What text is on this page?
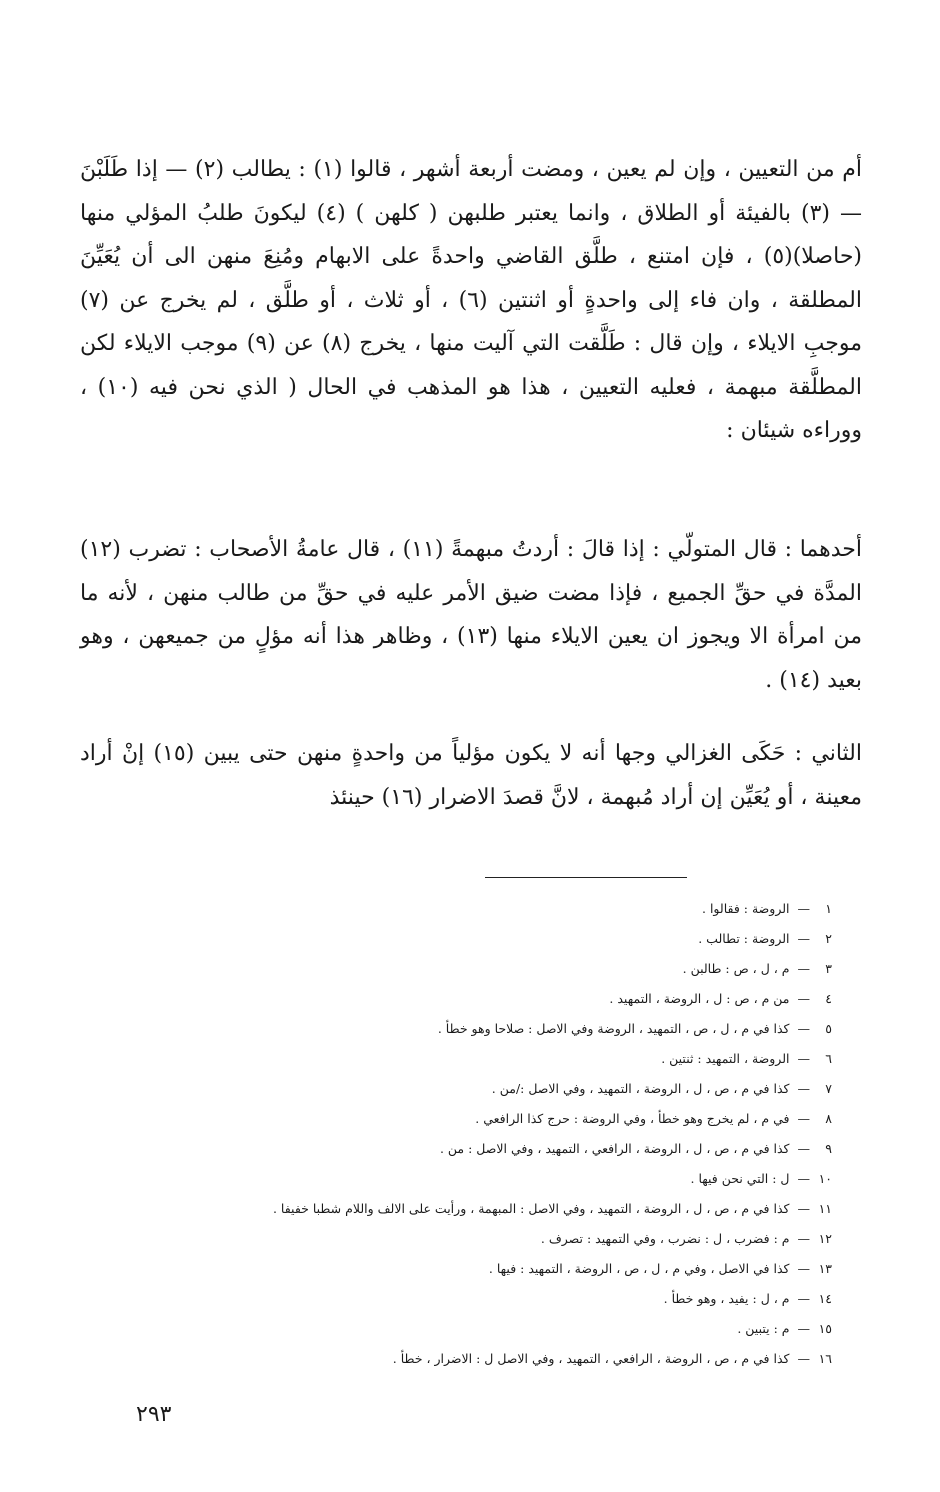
أم من التعيين ، وإن لم يعين ، ومضت أربعة أشهر ، قالوا (١) : يطالب (٢) — إذا طَلَبْنَ — (٣) بالفيئة أو الطلاق ، وانما يعتبر طلبهن ( كلهن ) (٤) ليكونَ طلبُ المؤلي منها (حاصلا)(٥) ، فإن امتنع ، طلَّق القاضي واحدةً على الابهام ومُنِعَ منهن الى أن يُعَيِّنَ المطلقة ، وان فاء إلى واحدةٍ أو اثنتين (٦) ، أو ثلاث ، أو طلَّق ، لم يخرج عن (٧) موجبِ الايلاء ، وإن قال : طَلَّقت التي آليت منها ، يخرج (٨) عن (٩) موجب الايلاء لكن المطلَّقة مبهمة ، فعليه التعيين ، هذا هو المذهب في الحال ( الذي نحن فيه (١٠) ، ووراءه شيئان :

أحدهما : قال المتولّي : إذا قالَ : أردتُ مبهمةً (١١) ، قال عامةُ الأصحاب : تضرب (١٢) المدَّة في حقِّ الجميع ، فإذا مضت ضيق الأمر عليه في حقِّ من طالب منهن ، لأنه ما من امرأة الا ويجوز ان يعين الايلاء منها (١٣) ، وظاهر هذا أنه مؤلٍ من جميعهن ، وهو بعيد (١٤) .

الثاني : حَكَى الغزالي وجها أنه لا يكون مؤلياً من واحدةٍ منهن حتى يبين (١٥) إنْ أراد معينة ، أو يُعَيِّن إن أراد مُبهمة ، لانَّ قصدَ الاضرار (١٦) حينئذ

١
—
الروضة : فقالوا .
٢
—
الروضة : تطالب .
٣
—
م ، ل ، ص : طالبن .
٤
—
من م ، ص : ل ، الروضة ، التمهيد .
٥
—
كذا في م ، ل ، ص ، التمهيد ، الروضة وفي الاصل : صلاحا وهو خطأ .
٦
—
الروضة ، التمهيد : ثنتين .
٧
—
كذا في م ، ص ، ل ، الروضة ، التمهيد ، وفي الاصل :/من .
٨
—
في م ، لم يخرج وهو خطأ ، وفي الروضة : حرج كذا الرافعي .
٩
—
كذا في م ، ص ، ل ، الروضة ، الرافعي ، التمهيد ، وفي الاصل : من .
١٠
—
ل : التي نحن فيها .
١١
—
كذا في م ، ص ، ل ، الروضة ، التمهيد ، وفي الاصل : المبهمة ، ورأيت على الالف واللام شطبا خفيفا .
١٢
—
م : فضرب ، ل : نضرب ، وفي التمهيد : تصرف .
١٣
—
كذا في الاصل ، وفي م ، ل ، ص ، الروضة ، التمهيد : فيها .
١٤
—
م ، ل : يفيد ، وهو خطأ .
١٥
—
م : يتبين .
١٦
—
كذا في م ، ص ، الروضة ، الرافعي ، التمهيد ، وفي الاصل ل : الاضرار ، خطأ .
٢٩٣
